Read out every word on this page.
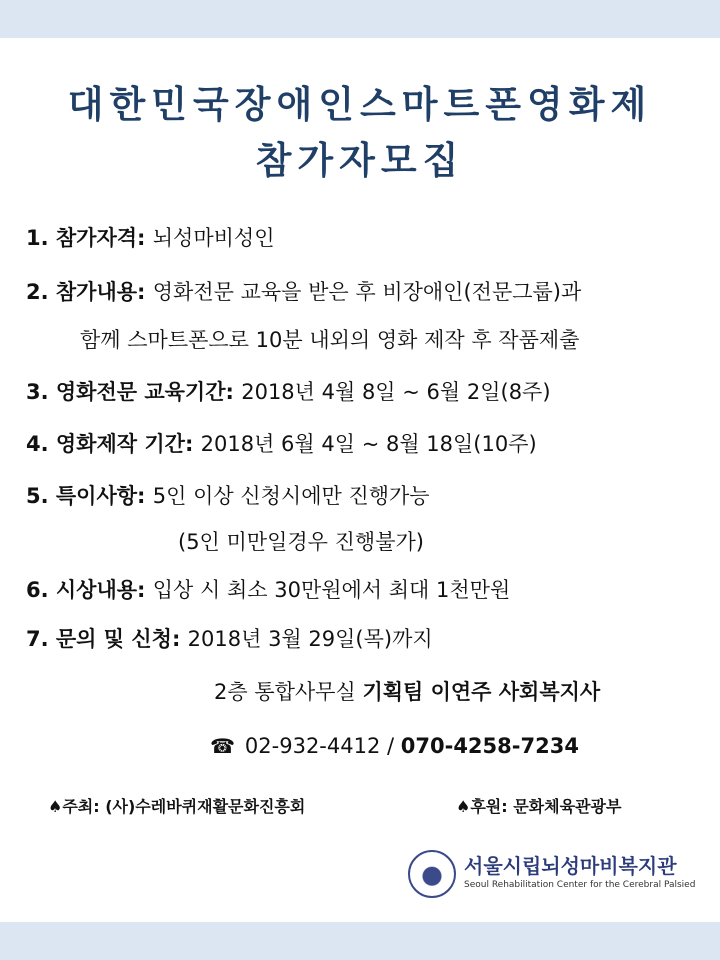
대한민국장애인스마트폰영화제
참가자모집
1. 참가자격: 뇌성마비성인
2. 참가내용: 영화전문 교육을 받은 후 비장애인(전문그룹)과
함께 스마트폰으로 10분 내외의 영화 제작 후 작품제출
3. 영화전문 교육기간: 2018년 4월 8일 ~ 6월 2일(8주)
4. 영화제작 기간: 2018년 6월 4일 ~ 8월 18일(10주)
5. 특이사항: 5인 이상 신청시에만 진행가능
(5인 미만일경우 진행불가)
6. 시상내용: 입상 시 최소 30만원에서 최대 1천만원
7. 문의 및 신청: 2018년 3월 29일(목)까지
2층 통합사무실 기획팀 이연주 사회복지사
☎ 02-932-4412 / 070-4258-7234
♠주최: (사)수레바퀴재활문화진흥회	♠후원: 문화체육관광부
서울시립뇌성마비복지관
Seoul Rehabilitation Center for the Cerebral Palsied
